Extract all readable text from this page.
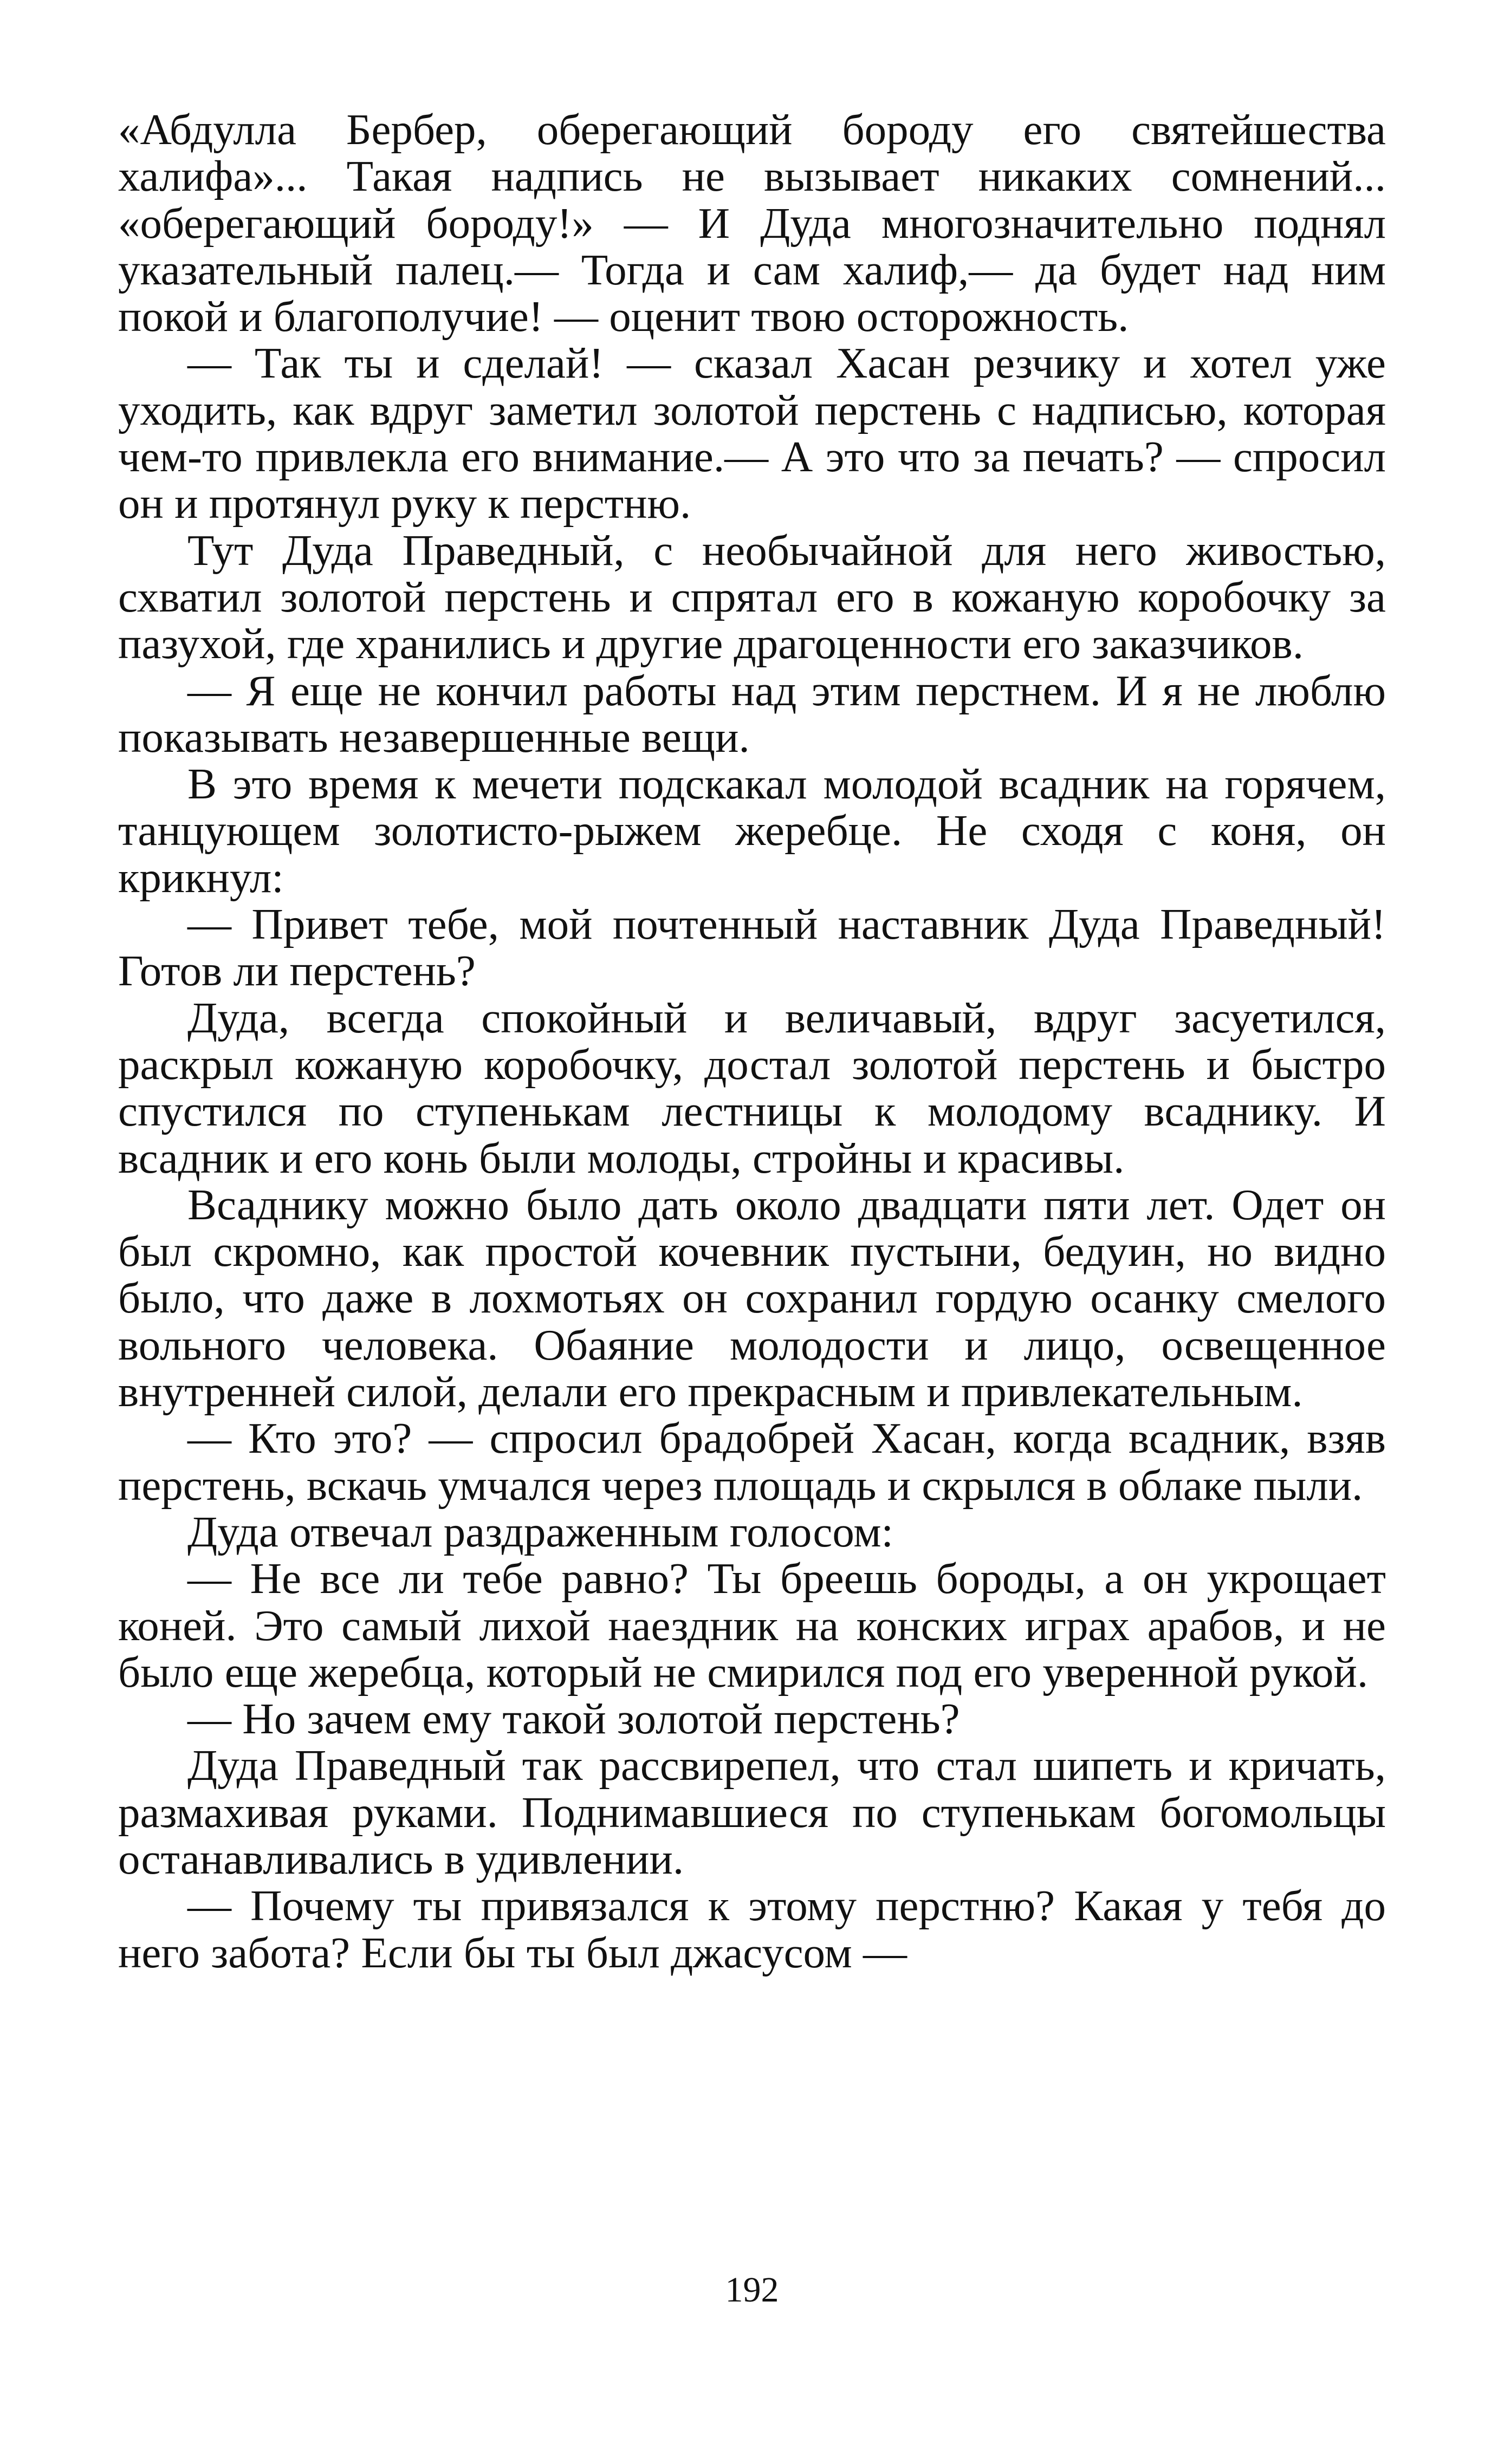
«Абдулла Бербер, оберегающий бороду его святейшества халифа»... Такая надпись не вызывает никаких сомнений... «оберегающий бороду!» — И Дуда многозначительно поднял указательный палец.— Тогда и сам халиф,— да будет над ним покой и благополучие! — оценит твою осторожность.

— Так ты и сделай! — сказал Хасан резчику и хотел уже уходить, как вдруг заметил золотой перстень с надписью, которая чем-то привлекла его внимание.— А это что за печать? — спросил он и протянул руку к перстню.

Тут Дуда Праведный, с необычайной для него живостью, схватил золотой перстень и спрятал его в кожаную коробочку за пазухой, где хранились и другие драгоценности его заказчиков.

— Я еще не кончил работы над этим перстнем. И я не люблю показывать незавершенные вещи.

В это время к мечети подскакал молодой всадник на горячем, танцующем золотисто-рыжем жеребце. Не сходя с коня, он крикнул:

— Привет тебе, мой почтенный наставник Дуда Праведный! Готов ли перстень?

Дуда, всегда спокойный и величавый, вдруг засуетился, раскрыл кожаную коробочку, достал золотой перстень и быстро спустился по ступенькам лестницы к молодому всаднику. И всадник и его конь были молоды, стройны и красивы.

Всаднику можно было дать около двадцати пяти лет. Одет он был скромно, как простой кочевник пустыни, бедуин, но видно было, что даже в лохмотьях он сохранил гордую осанку смелого вольного человека. Обаяние молодости и лицо, освещенное внутренней силой, делали его прекрасным и привлекательным.

— Кто это? — спросил брадобрей Хасан, когда всадник, взяв перстень, вскачь умчался через площадь и скрылся в облаке пыли.

Дуда отвечал раздраженным голосом:

— Не все ли тебе равно? Ты бреешь бороды, а он укрощает коней. Это самый лихой наездник на конских играх арабов, и не было еще жеребца, который не смирился под его уверенной рукой.

— Но зачем ему такой золотой перстень?

Дуда Праведный так рассвирепел, что стал шипеть и кричать, размахивая руками. Поднимавшиеся по ступенькам богомольцы останавливались в удивлении.

— Почему ты привязался к этому перстню? Какая у тебя до него забота? Если бы ты был джасусом —

192
